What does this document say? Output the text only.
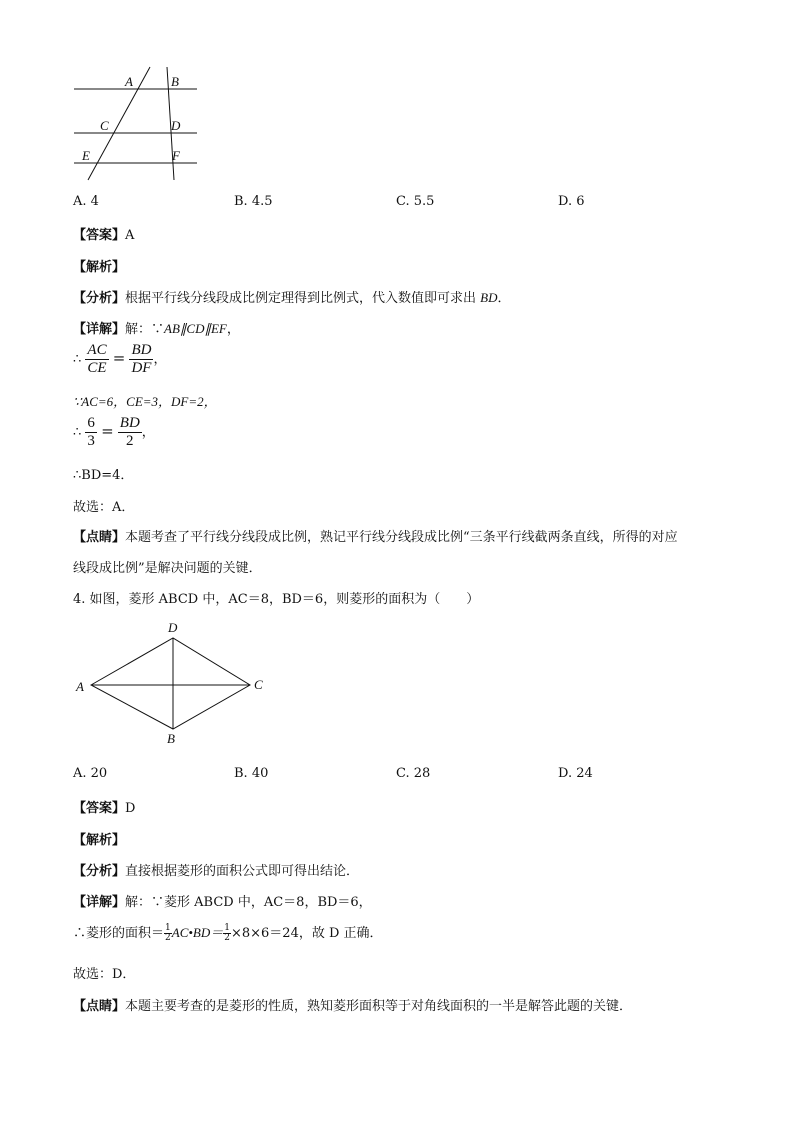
A	B
C	D
E	F
A. 4	B. 4.5	C. 5.5	D. 6
【答案】A
【解析】
【分析】根据平行线分线段成比例定理得到比例式，代入数值即可求出 BD．
【详解】解：∵AB∥CD∥EF，
∴ $\frac{AC}{CE} = \frac{BD}{DF}$ ，
∵AC=6，CE=3，DF=2，
∴ $\frac{6}{3} = \frac{BD}{2}$ ，
∴BD=4．
故选：A．
【点睛】本题考查了平行线分线段成比例，熟记平行线分线段成比例“三条平行线截两条直线，所得的对应
线段成比例”是解决问题的关键．
4. 如图，菱形 ABCD 中，AC＝8，BD＝6，则菱形的面积为（　　）
D
A	C
B
A. 20	B. 40	C. 28	D. 24
【答案】D
【解析】
【分析】直接根据菱形的面积公式即可得出结论．
【详解】解：∵菱形 ABCD 中，AC＝8，BD＝6，
∴菱形的面积＝ $\frac{1}{2}$ AC•BD＝ $\frac{1}{2} \times 8\times 6=24$，故 D 正确．
故选：D．
【点睛】本题主要考查的是菱形的性质，熟知菱形面积等于对角线面积的一半是解答此题的关键．
